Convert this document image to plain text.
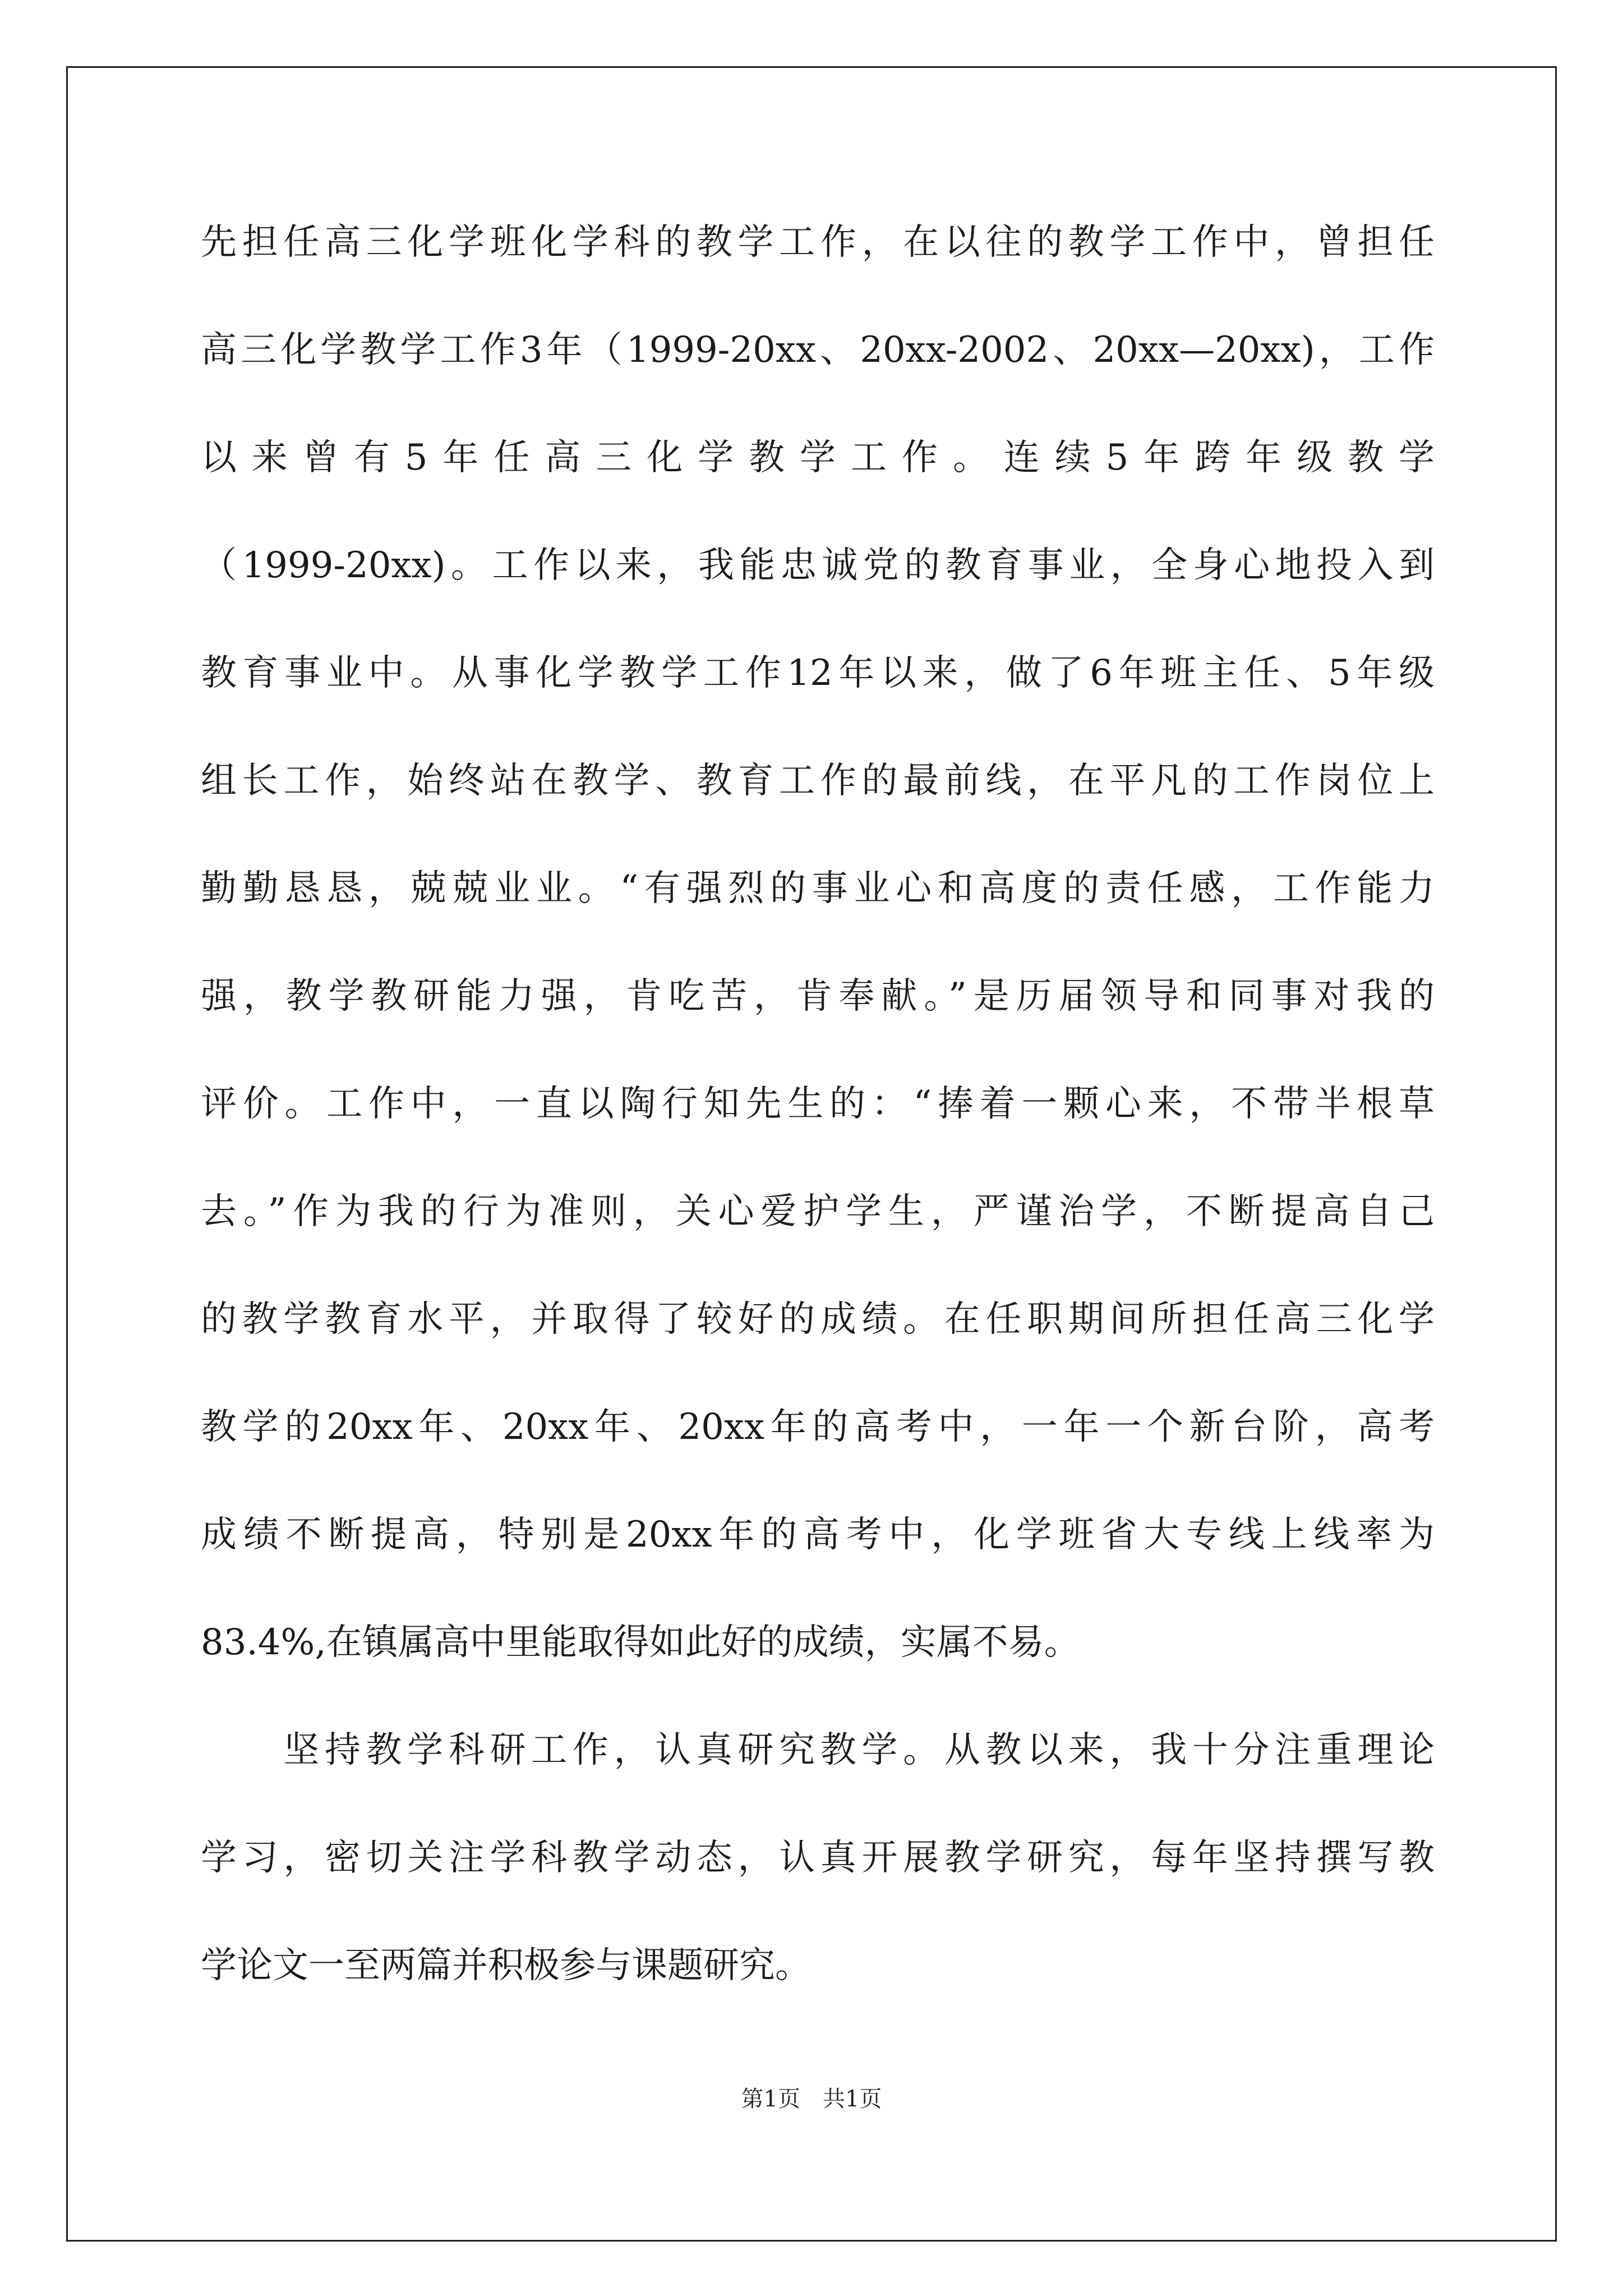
先担任高三化学班化学科的教学工作，在以往的教学工作中，曾担任
高三化学教学工作3年（1999-20xx、20xx-2002、20xx—20xx)，工作
以来曾有5年任高三化学教学工作。连续5年跨年级教学
（1999-20xx)。工作以来，我能忠诚党的教育事业，全身心地投入到
教育事业中。从事化学教学工作12年以来，做了6年班主任、5年级
组长工作，始终站在教学、教育工作的最前线，在平凡的工作岗位上
勤勤恳恳，兢兢业业。“有强烈的事业心和高度的责任感，工作能力
强，教学教研能力强，肯吃苦，肯奉献。”是历届领导和同事对我的
评价。工作中，一直以陶行知先生的：“捧着一颗心来，不带半根草
去。”作为我的行为准则，关心爱护学生，严谨治学，不断提高自己
的教学教育水平，并取得了较好的成绩。在任职期间所担任高三化学
教学的20xx年、20xx年、20xx年的高考中，一年一个新台阶，高考
成绩不断提高，特别是20xx年的高考中，化学班省大专线上线率为
83.4%,在镇属高中里能取得如此好的成绩，实属不易。
　　坚持教学科研工作，认真研究教学。从教以来，我十分注重理论
学习，密切关注学科教学动态，认真开展教学研究，每年坚持撰写教
学论文一至两篇并积极参与课题研究。
第1页　共1页
